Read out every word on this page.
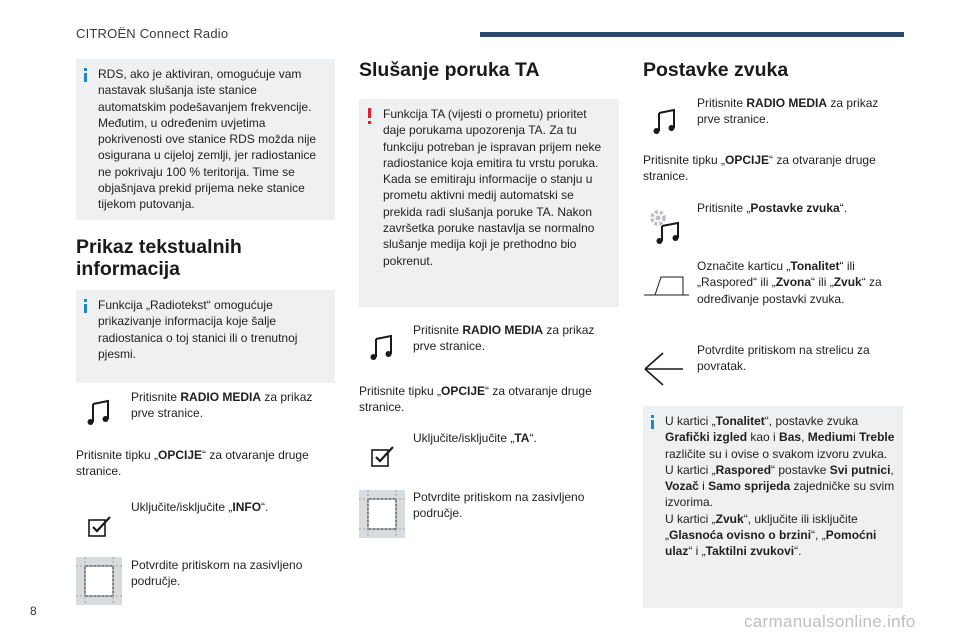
CITROËN Connect Radio

RDS, ako je aktiviran, omogućuje vam nastavak slušanja iste stanice automatskim podešavanjem frekvencije. Međutim, u određenim uvjetima pokrivenosti ove stanice RDS možda nije osigurana u cijeloj zemlji, jer radiostanice ne pokrivaju 100 % teritorija. Time se objašnjava prekid prijema neke stanice tijekom putovanja.

Prikaz tekstualnih informacija

Funkcija „Radiotekst“ omogućuje prikazivanje informacija koje šalje radiostanica o toj stanici ili o trenutnoj pjesmi.

Pritisnite RADIO MEDIA za prikaz prve stranice.
Pritisnite tipku „OPCIJE“ za otvaranje druge stranice.
Uključite/isključite „INFO“.
Potvrdite pritiskom na zasivljeno područje.
Slušanje poruka TA

Funkcija TA (vijesti o prometu) prioritet daje porukama upozorenja TA. Za tu funkciju potreban je ispravan prijem neke radiostanice koja emitira tu vrstu poruka. Kada se emitiraju informacije o stanju u prometu aktivni medij automatski se prekida radi slušanja poruke TA. Nakon završetka poruke nastavlja se normalno slušanje medija koji je prethodno bio pokrenut.

Pritisnite RADIO MEDIA za prikaz prve stranice.
Pritisnite tipku „OPCIJE“ za otvaranje druge stranice.
Uključite/isključite „TA“.
Potvrdite pritiskom na zasivljeno područje.
Postavke zvuka
Pritisnite RADIO MEDIA za prikaz prve stranice.
Pritisnite tipku „OPCIJE“ za otvaranje druge stranice.
Pritisnite „Postavke zvuka“.
Označite karticu „Tonalitet“ ili „Raspored“ ili „Zvona“ ili „Zvuk“ za određivanje postavki zvuka.
Potvrdite pritiskom na strelicu za povratak.

U kartici „Tonalitet“, postavke zvuka Grafički izgled kao i Bas, Mediumi Treble različite su i ovise o svakom izvoru zvuka.

U kartici „Raspored“ postavke Svi putnici, Vozač i Samo sprijeda zajedničke su svim izvorima.

U kartici „Zvuk“, uključite ili isključite „Glasnoća ovisno o brzini“, „Pomoćni ulaz“ i „Taktilni zvukovi“.

8
carmanualsonline.info
